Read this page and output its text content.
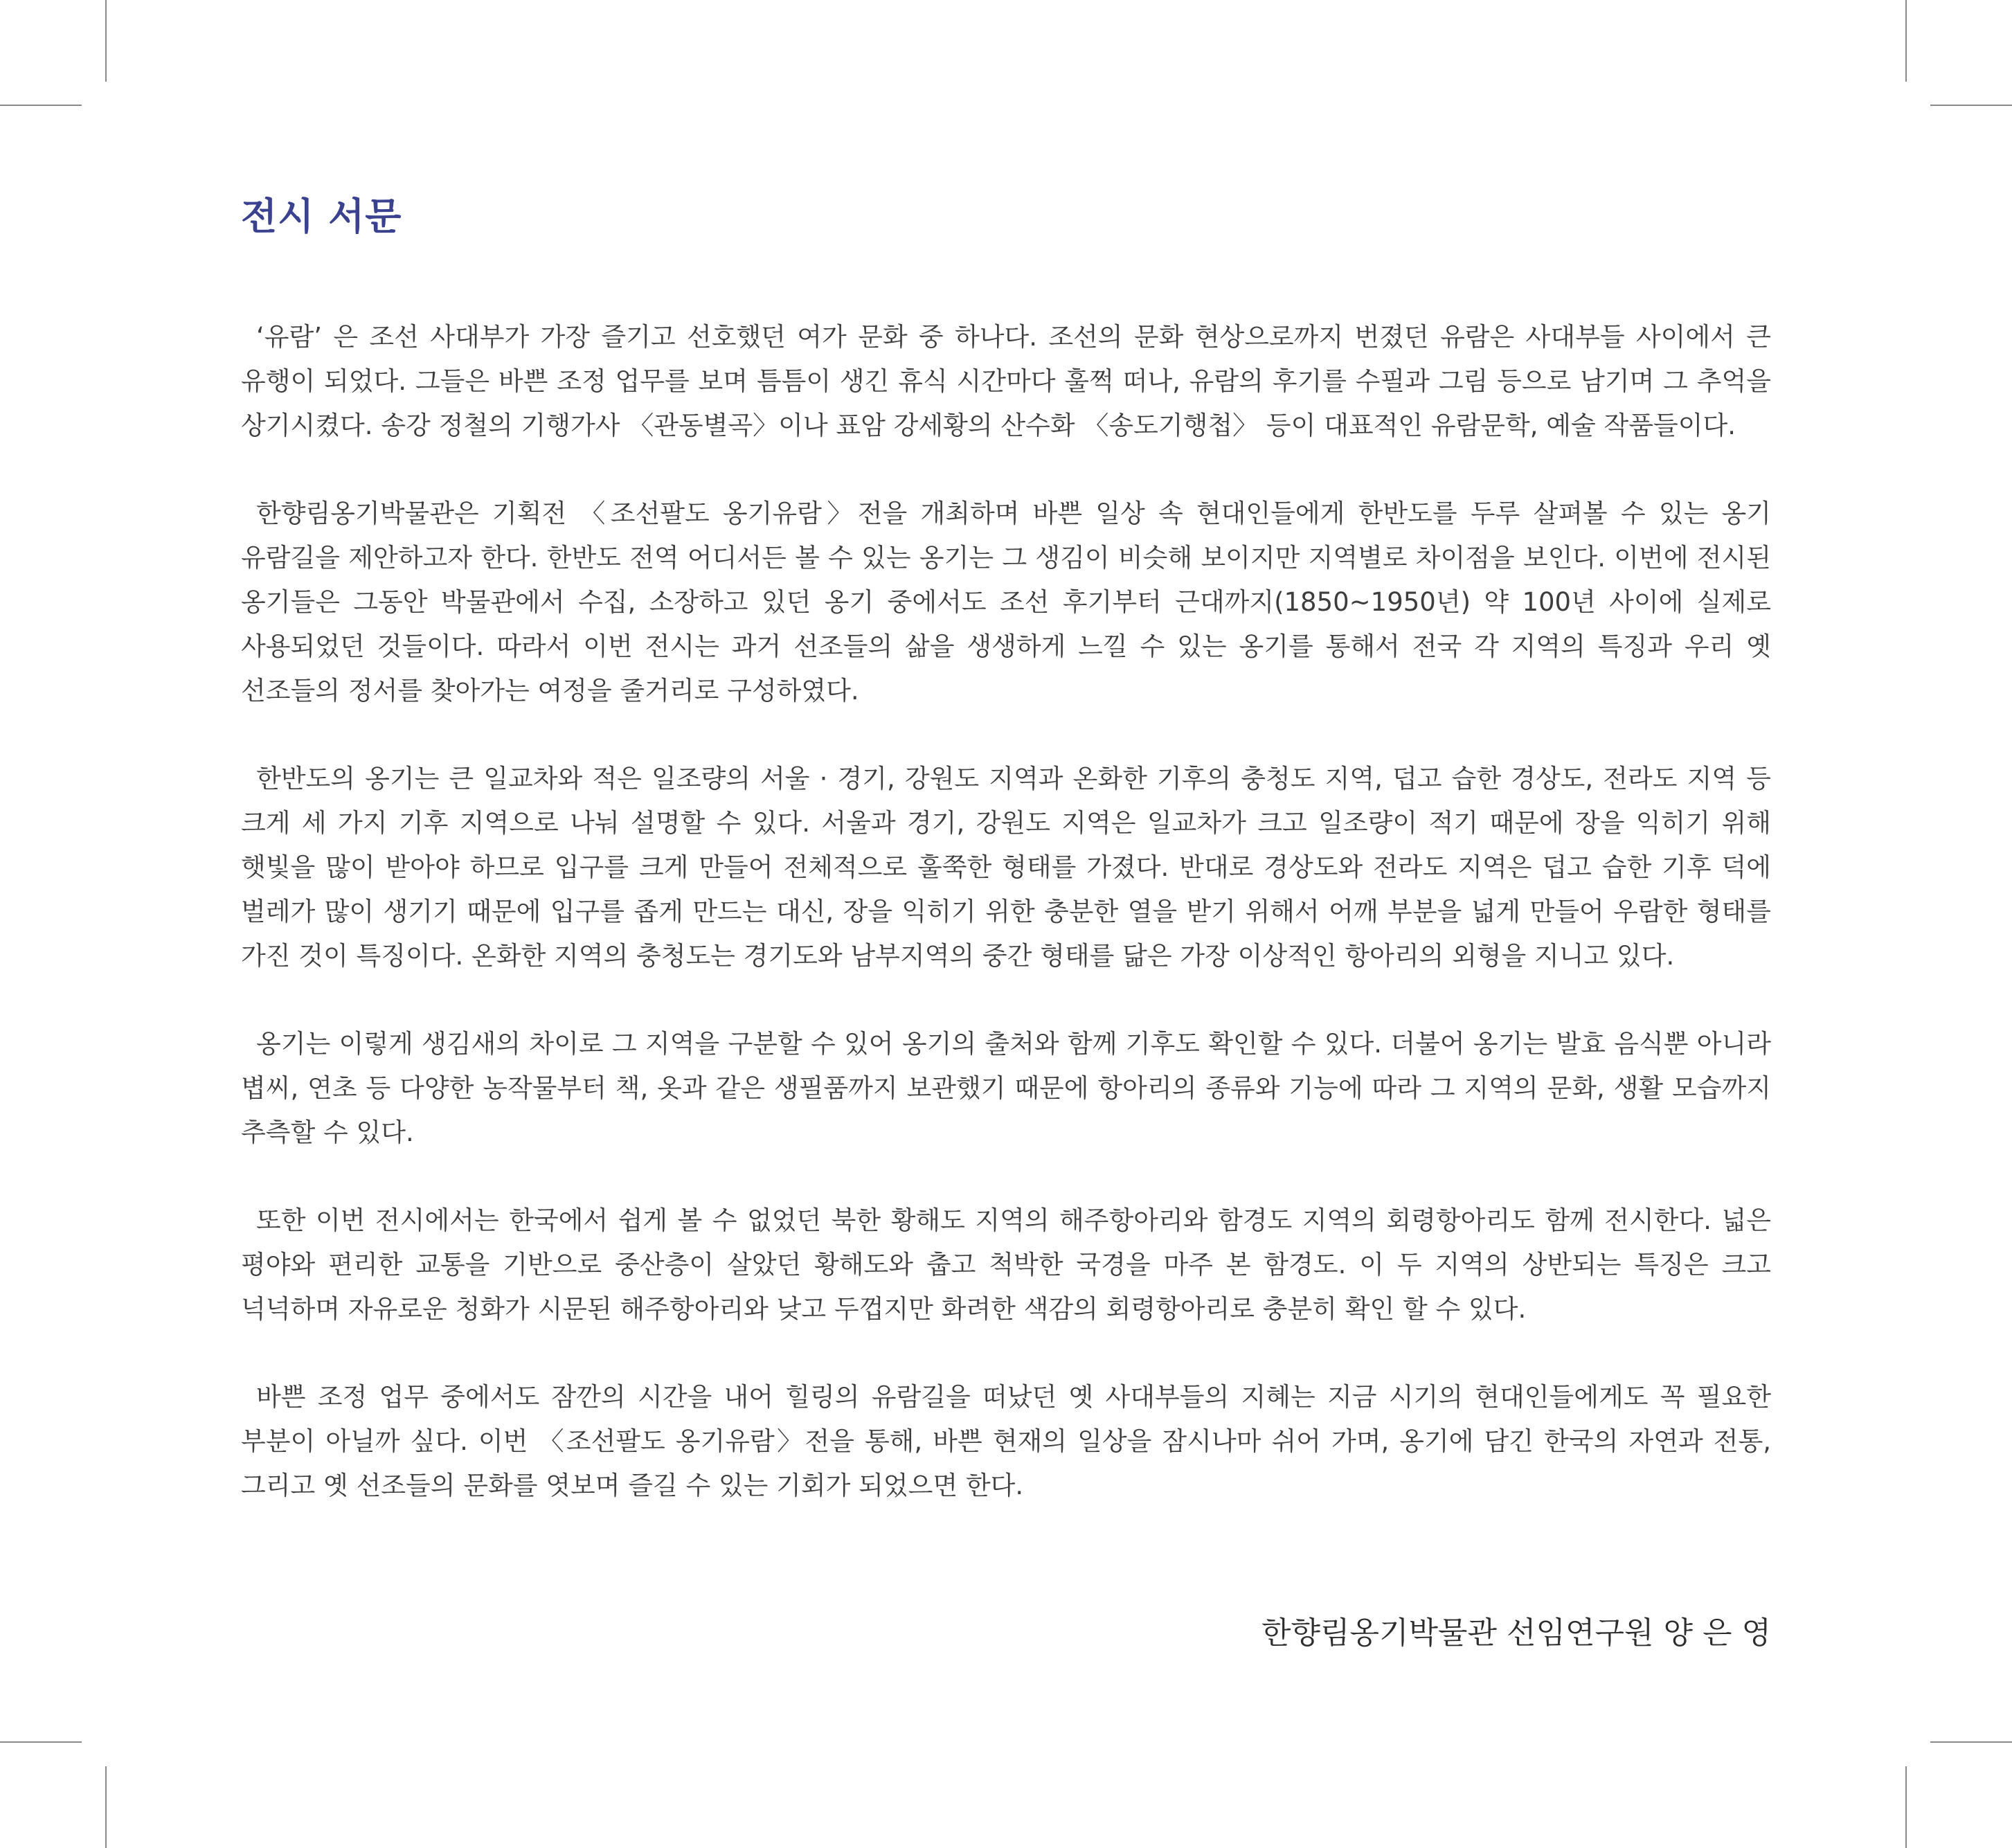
전시 서문

‘유람’ 은 조선 사대부가 가장 즐기고 선호했던 여가 문화 중 하나다. 조선의 문화 현상으로까지 번졌던 유람은 사대부들 사이에서 큰 유행이 되었다. 그들은 바쁜 조정 업무를 보며 틈틈이 생긴 휴식 시간마다 훌쩍 떠나, 유람의 후기를 수필과 그림 등으로 남기며 그 추억을 상기시켰다. 송강 정철의 기행가사 〈관동별곡〉이나 표암 강세황의 산수화 〈송도기행첩〉 등이 대표적인 유람문학, 예술 작품들이다.

한향림옹기박물관은 기획전 〈조선팔도 옹기유람〉전을 개최하며 바쁜 일상 속 현대인들에게 한반도를 두루 살펴볼 수 있는 옹기 유람길을 제안하고자 한다. 한반도 전역 어디서든 볼 수 있는 옹기는 그 생김이 비슷해 보이지만 지역별로 차이점을 보인다. 이번에 전시된 옹기들은 그동안 박물관에서 수집, 소장하고 있던 옹기 중에서도 조선 후기부터 근대까지(1850~1950년) 약 100년 사이에 실제로 사용되었던 것들이다. 따라서 이번 전시는 과거 선조들의 삶을 생생하게 느낄 수 있는 옹기를 통해서 전국 각 지역의 특징과 우리 옛 선조들의 정서를 찾아가는 여정을 줄거리로 구성하였다.

한반도의 옹기는 큰 일교차와 적은 일조량의 서울 · 경기, 강원도 지역과 온화한 기후의 충청도 지역, 덥고 습한 경상도, 전라도 지역 등 크게 세 가지 기후 지역으로 나눠 설명할 수 있다. 서울과 경기, 강원도 지역은 일교차가 크고 일조량이 적기 때문에 장을 익히기 위해 햇빛을 많이 받아야 하므로 입구를 크게 만들어 전체적으로 훌쭉한 형태를 가졌다. 반대로 경상도와 전라도 지역은 덥고 습한 기후 덕에 벌레가 많이 생기기 때문에 입구를 좁게 만드는 대신, 장을 익히기 위한 충분한 열을 받기 위해서 어깨 부분을 넓게 만들어 우람한 형태를 가진 것이 특징이다. 온화한 지역의 충청도는 경기도와 남부지역의 중간 형태를 닮은 가장 이상적인 항아리의 외형을 지니고 있다.

옹기는 이렇게 생김새의 차이로 그 지역을 구분할 수 있어 옹기의 출처와 함께 기후도 확인할 수 있다. 더불어 옹기는 발효 음식뿐 아니라 볍씨, 연초 등 다양한 농작물부터 책, 옷과 같은 생필품까지 보관했기 때문에 항아리의 종류와 기능에 따라 그 지역의 문화, 생활 모습까지 추측할 수 있다.

또한 이번 전시에서는 한국에서 쉽게 볼 수 없었던 북한 황해도 지역의 해주항아리와 함경도 지역의 회령항아리도 함께 전시한다. 넓은 평야와 편리한 교통을 기반으로 중산층이 살았던 황해도와 춥고 척박한 국경을 마주 본 함경도. 이 두 지역의 상반되는 특징은 크고 넉넉하며 자유로운 청화가 시문된 해주항아리와 낮고 두껍지만 화려한 색감의 회령항아리로 충분히 확인 할 수 있다.

바쁜 조정 업무 중에서도 잠깐의 시간을 내어 힐링의 유람길을 떠났던 옛 사대부들의 지혜는 지금 시기의 현대인들에게도 꼭 필요한 부분이 아닐까 싶다. 이번 〈조선팔도 옹기유람〉전을 통해, 바쁜 현재의 일상을 잠시나마 쉬어 가며, 옹기에 담긴 한국의 자연과 전통, 그리고 옛 선조들의 문화를 엿보며 즐길 수 있는 기회가 되었으면 한다.

한향림옹기박물관 선임연구원 양 은 영
